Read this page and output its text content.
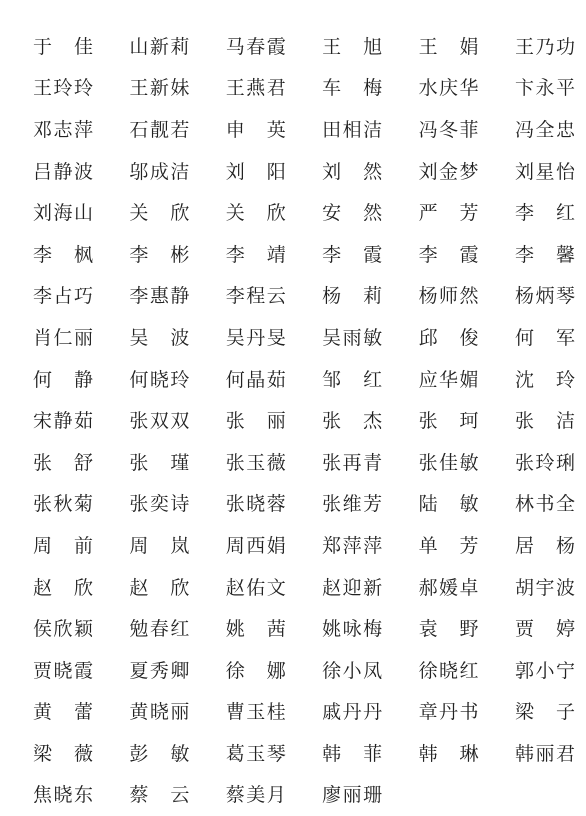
于　佳 山新莉 马春霞 王　旭 王　娟 王乃功
王玲玲 王新妹 王燕君 车　梅 水庆华 卞永平
邓志萍 石靓若 申　英 田相洁 冯冬菲 冯全忠
吕静波 邬成洁 刘　阳 刘　然 刘金梦 刘星怡
刘海山 关　欣 关　欣 安　然 严　芳 李　红
李　枫 李　彬 李　靖 李　霞 李　霞 李　馨
李占巧 李惠静 李程云 杨　莉 杨师然 杨炳琴
肖仁丽 吴　波 吴丹旻 吴雨敏 邱　俊 何　军
何　静 何晓玲 何晶茹 邹　红 应华媚 沈　玲
宋静茹 张双双 张　丽 张　杰 张　珂 张　洁
张　舒 张　瑾 张玉薇 张再青 张佳敏 张玲琍
张秋菊 张奕诗 张晓蓉 张维芳 陆　敏 林书全
周　前 周　岚 周西娟 郑萍萍 单　芳 居　杨
赵　欣 赵　欣 赵佑文 赵迎新 郝媛卓 胡宇波
侯欣颖 勉春红 姚　茜 姚咏梅 袁　野 贾　婷
贾晓霞 夏秀卿 徐　娜 徐小凤 徐晓红 郭小宁
黄　蕾 黄晓丽 曹玉桂 戚丹丹 章丹书 梁　子
梁　薇 彭　敏 葛玉琴 韩　菲 韩　琳 韩丽君
焦晓东 蔡　云 蔡美月 廖丽珊
